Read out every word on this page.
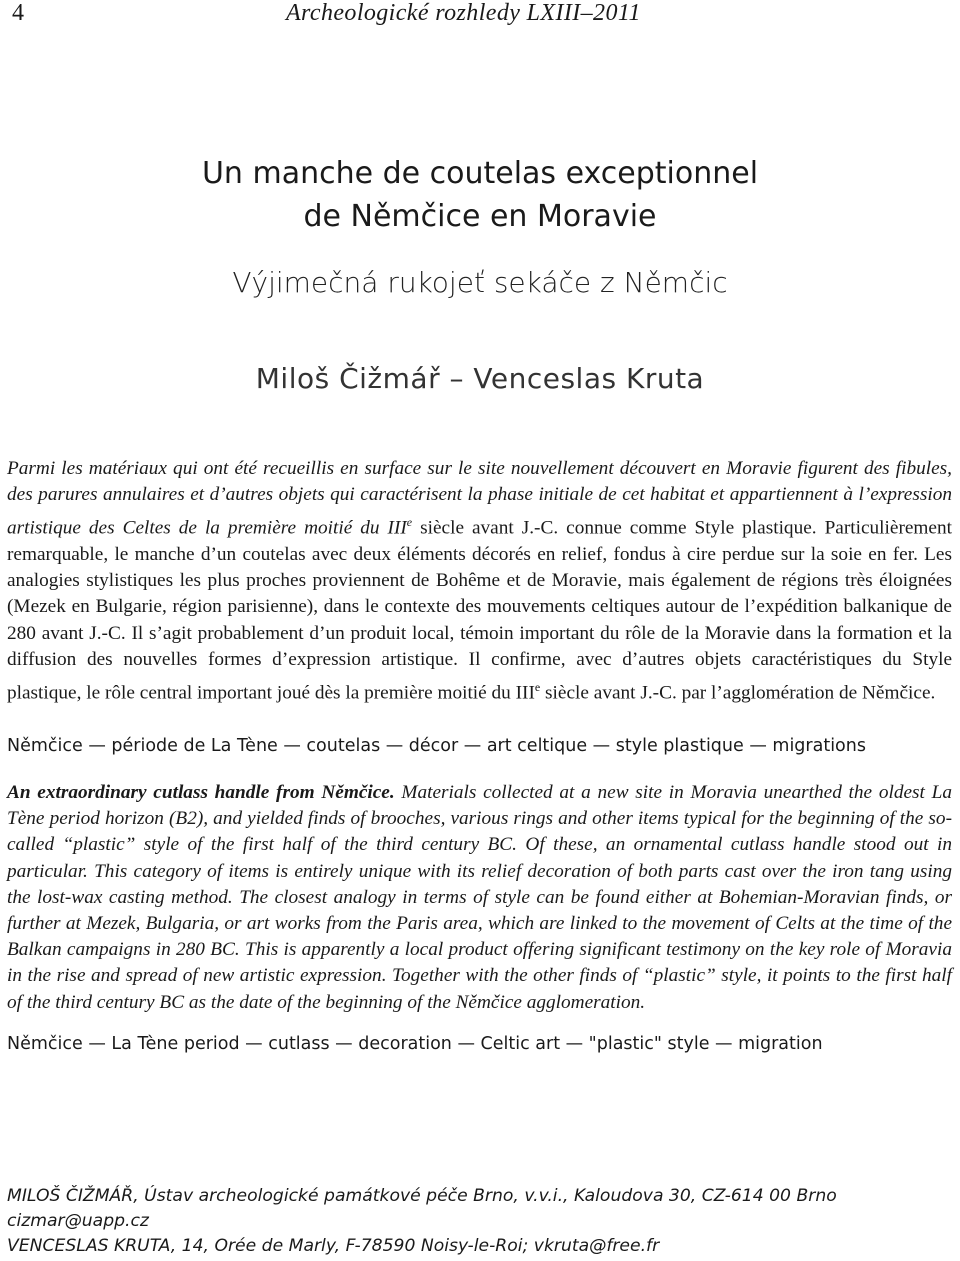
4	Archeologické rozhledy LXIII–2011
Un manche de coutelas exceptionnel
de Němčice en Moravie
Výjimečná rukojeť sekáče z Němčic
Miloš Čižmář – Venceslas Kruta

Parmi les matériaux qui ont été recueillis en surface sur le site nouvellement découvert en Moravie figurent des fibules, des parures annulaires et d’autres objets qui caractérisent la phase initiale de cet habitat et appartiennent à l’expression artistique des Celtes de la première moitié du IIIe siècle avant J.-C. connue comme Style plastique. Particulièrement remarquable, le manche d’un coutelas avec deux éléments décorés en relief, fondus à cire perdue sur la soie en fer. Les analogies stylistiques les plus proches proviennent de Bohême et de Moravie, mais également de régions très éloignées (Mezek en Bulgarie, région parisienne), dans le contexte des mouvements celtiques autour de l’expédition balkanique de 280 avant J.-C. Il s’agit probablement d’un produit local, témoin important du rôle de la Moravie dans la formation et la diffusion des nouvelles formes d’expression artistique. Il confirme, avec d’autres objets caractéristiques du Style plastique, le rôle central important joué dès la première moitié du IIIe siècle avant J.-C. par l’agglomération de Němčice.

Němčice — période de La Tène — coutelas — décor — art celtique — style plastique — migrations

An extraordinary cutlass handle from Němčice. Materials collected at a new site in Moravia unearthed the oldest La Tène period horizon (B2), and yielded finds of brooches, various rings and other items typical for the beginning of the so-called “plastic” style of the first half of the third century BC. Of these, an ornamental cutlass handle stood out in particular. This category of items is entirely unique with its relief decoration of both parts cast over the iron tang using the lost-wax casting method. The closest analogy in terms of style can be found either at Bohemian-Moravian finds, or further at Mezek, Bulgaria, or art works from the Paris area, which are linked to the movement of Celts at the time of the Balkan campaigns in 280 BC. This is apparently a local product offering significant testimony on the key role of Moravia in the rise and spread of new artistic expression. Together with the other finds of “plastic” style, it points to the first half of the third century BC as the date of the beginning of the Němčice agglomeration.

Němčice — La Tène period — cutlass — decoration — Celtic art — "plastic" style — migration

MILOŠ ČIŽMÁŘ, Ústav archeologické památkové péče Brno, v.v.i., Kaloudova 30, CZ-614 00 Brno
cizmar@uapp.cz
VENCESLAS KRUTA, 14, Orée de Marly, F-78590 Noisy-le-Roi; vkruta@free.fr
